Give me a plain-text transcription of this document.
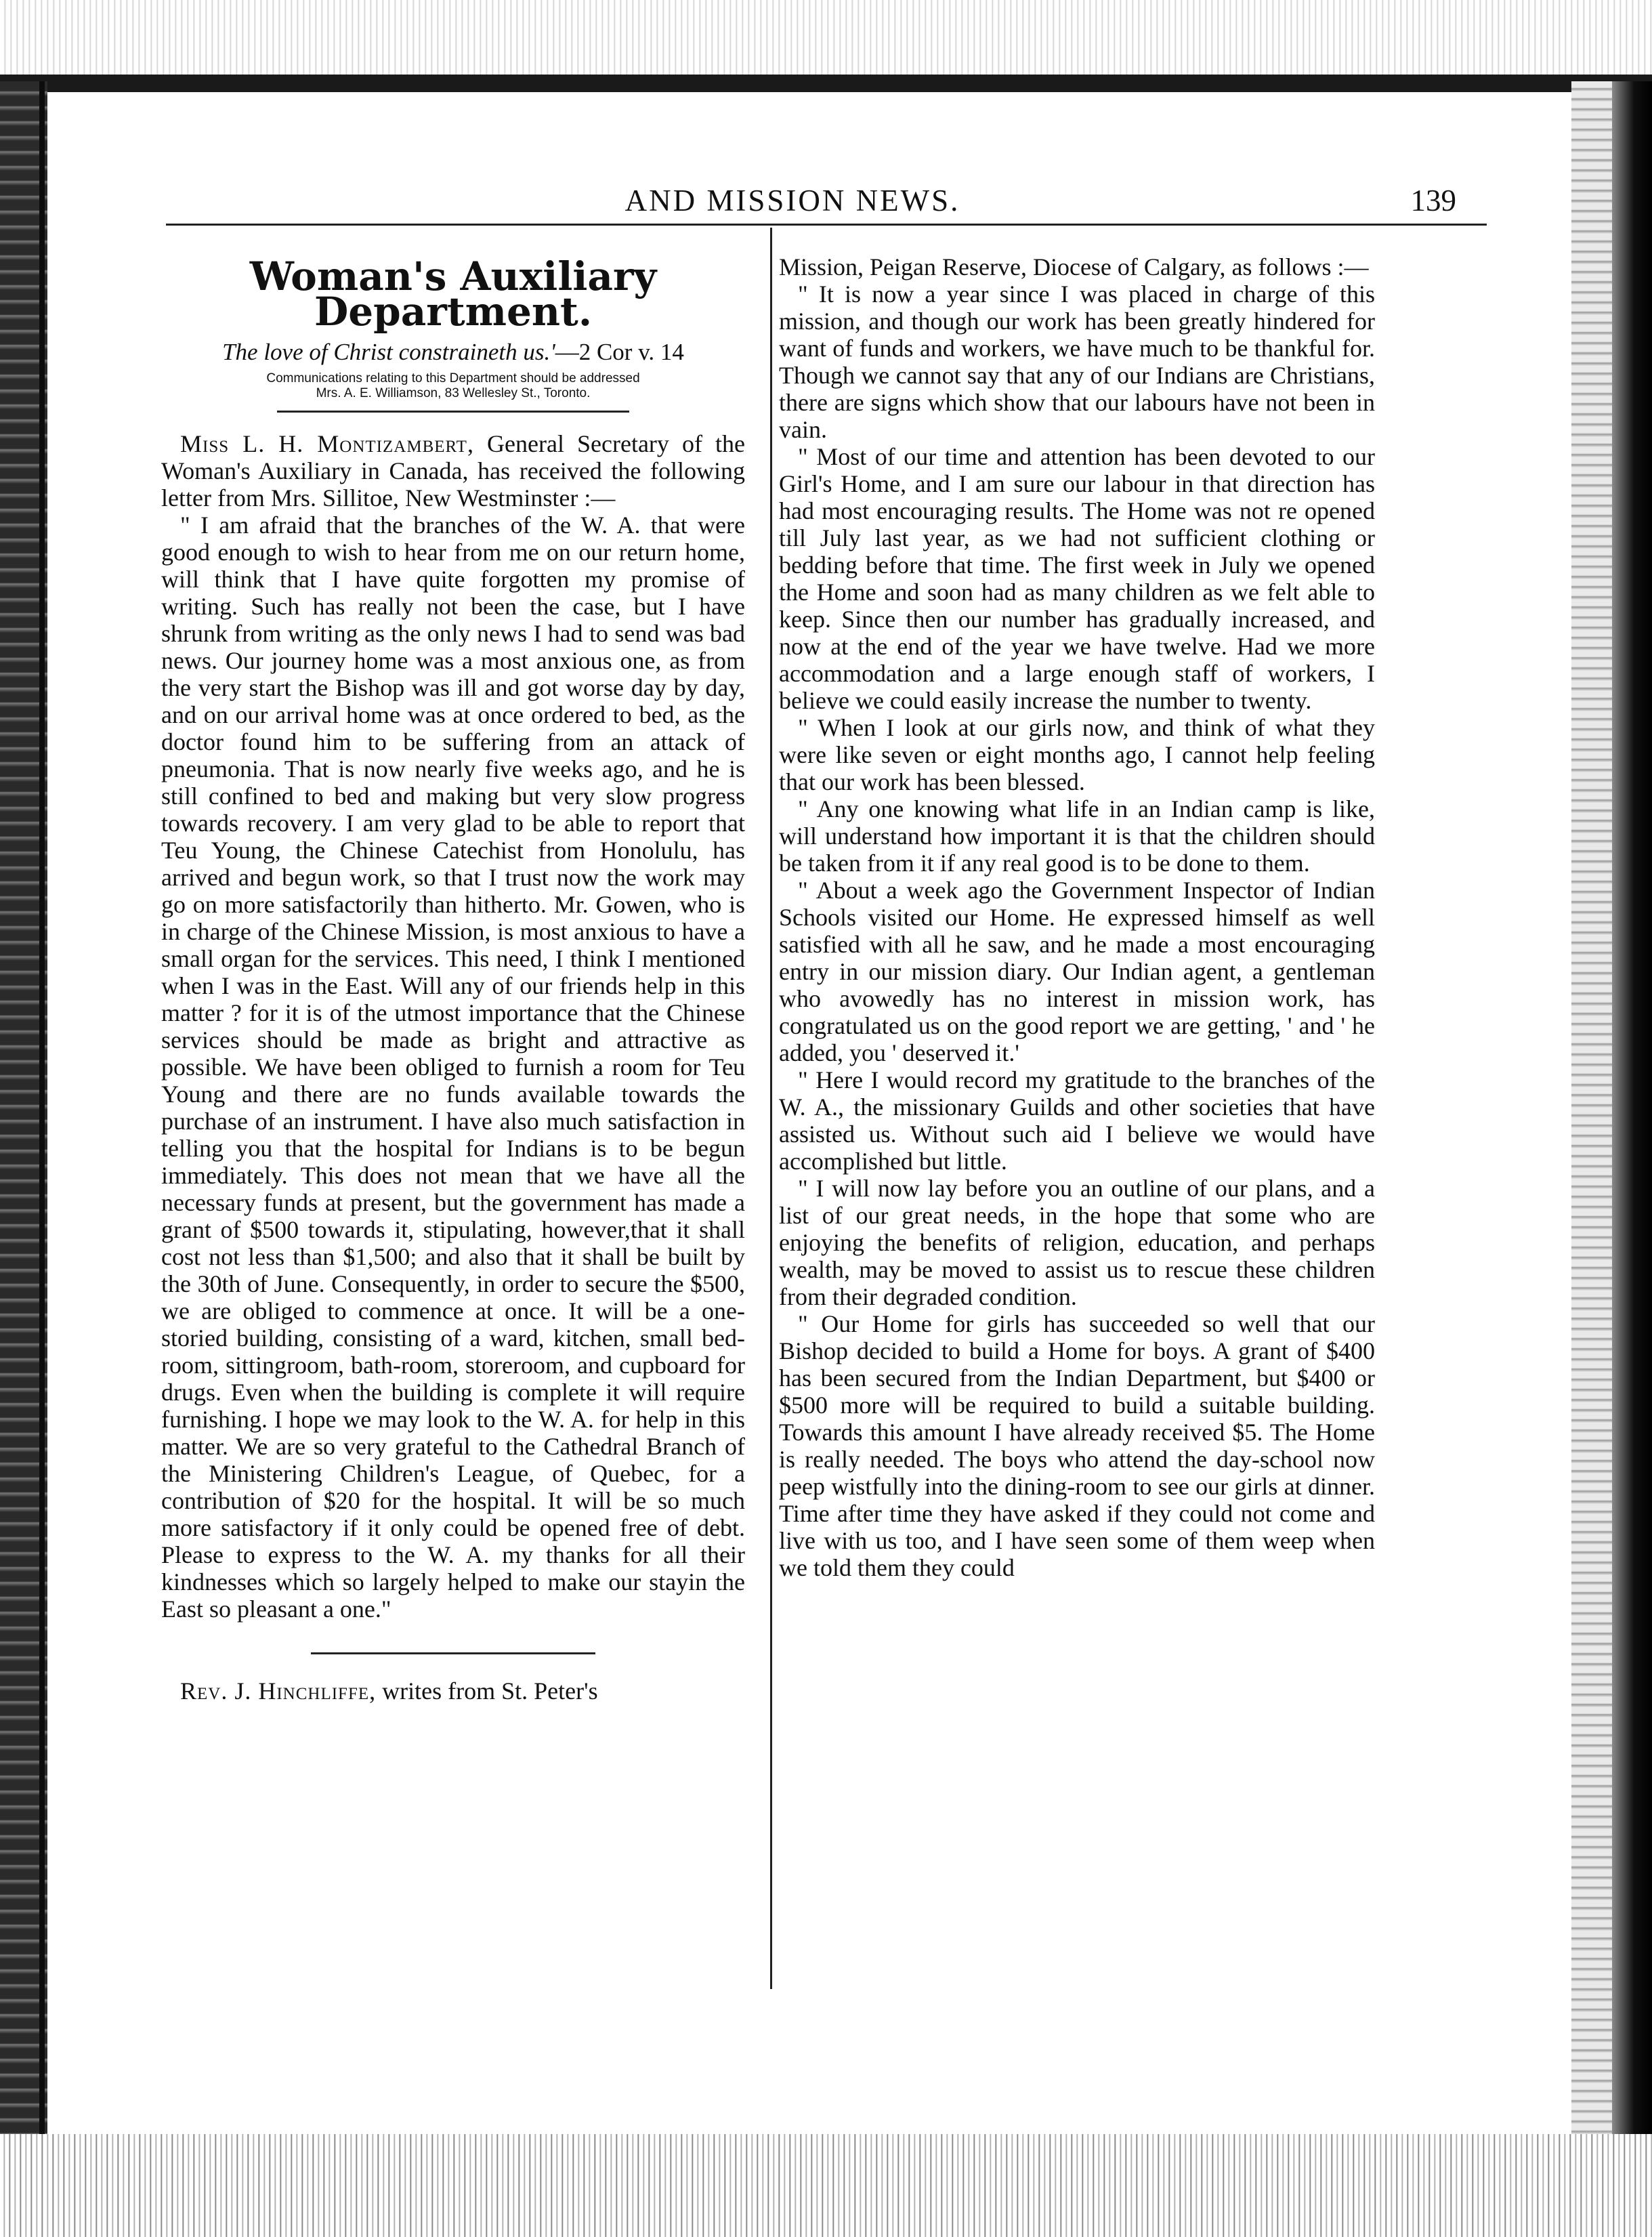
AND MISSION NEWS.	139
Woman's Auxiliary Department.
The love of Christ constraineth us.'—2 Cor v. 14
Communications relating to this Department should be addressed
Mrs. A. E. Williamson, 83 Wellesley St., Toronto.

Miss L. H. Montizambert, General Secretary of the Woman's Auxiliary in Canada, has received the following letter from Mrs. Sillitoe, New Westminster :—

" I am afraid that the branches of the W. A. that were good enough to wish to hear from me on our return home, will think that I have quite forgotten my promise of writing. Such has really not been the case, but I have shrunk from writing as the only news I had to send was bad news. Our journey home was a most anxious one, as from the very start the Bishop was ill and got worse day by day, and on our arrival home was at once ordered to bed, as the doctor found him to be suffering from an attack of pneumonia. That is now nearly five weeks ago, and he is still confined to bed and making but very slow progress towards recovery. I am very glad to be able to report that Teu Young, the Chinese Catechist from Honolulu, has arrived and begun work, so that I trust now the work may go on more satisfactorily than hitherto. Mr. Gowen, who is in charge of the Chinese Mission, is most anxious to have a small organ for the services. This need, I think I mentioned when I was in the East. Will any of our friends help in this matter ? for it is of the utmost importance that the Chinese services should be made as bright and attractive as possible. We have been obliged to furnish a room for Teu Young and there are no funds available towards the purchase of an instrument. I have also much satisfaction in telling you that the hospital for Indians is to be begun immediately. This does not mean that we have all the necessary funds at present, but the government has made a grant of $500 towards it, stipulating, however,that it shall cost not less than $1,500; and also that it shall be built by the 30th of June. Consequently, in order to secure the $500, we are obliged to commence at once. It will be a one-storied building, consisting of a ward, kitchen, small bed-room, sittingroom, bath-room, storeroom, and cupboard for drugs. Even when the building is complete it will require furnishing. I hope we may look to the W. A. for help in this matter. We are so very grateful to the Cathedral Branch of the Ministering Children's League, of Quebec, for a contribution of $20 for the hospital. It will be so much more satisfactory if it only could be opened free of debt. Please to express to the W. A. my thanks for all their kindnesses which so largely helped to make our stayin the East so pleasant a one."

Rev. J. Hinchliffe, writes from St. Peter's

Mission, Peigan Reserve, Diocese of Calgary, as follows :—

" It is now a year since I was placed in charge of this mission, and though our work has been greatly hindered for want of funds and workers, we have much to be thankful for. Though we cannot say that any of our Indians are Christians, there are signs which show that our labours have not been in vain.

" Most of our time and attention has been devoted to our Girl's Home, and I am sure our labour in that direction has had most encouraging results. The Home was not re opened till July last year, as we had not sufficient clothing or bedding before that time. The first week in July we opened the Home and soon had as many children as we felt able to keep. Since then our number has gradually increased, and now at the end of the year we have twelve. Had we more accommodation and a large enough staff of workers, I believe we could easily increase the number to twenty.

" When I look at our girls now, and think of what they were like seven or eight months ago, I cannot help feeling that our work has been blessed.

" Any one knowing what life in an Indian camp is like, will understand how important it is that the children should be taken from it if any real good is to be done to them.

" About a week ago the Government Inspector of Indian Schools visited our Home. He expressed himself as well satisfied with all he saw, and he made a most encouraging entry in our mission diary. Our Indian agent, a gentleman who avowedly has no interest in mission work, has congratulated us on the good report we are getting, ' and ' he added, you ' deserved it.'

" Here I would record my gratitude to the branches of the W. A., the missionary Guilds and other societies that have assisted us. Without such aid I believe we would have accomplished but little.

" I will now lay before you an outline of our plans, and a list of our great needs, in the hope that some who are enjoying the benefits of religion, education, and perhaps wealth, may be moved to assist us to rescue these children from their degraded condition.

" Our Home for girls has succeeded so well that our Bishop decided to build a Home for boys. A grant of $400 has been secured from the Indian Department, but $400 or $500 more will be required to build a suitable building. Towards this amount I have already received $5. The Home is really needed. The boys who attend the day-school now peep wistfully into the dining-room to see our girls at dinner. Time after time they have asked if they could not come and live with us too, and I have seen some of them weep when we told them they could
